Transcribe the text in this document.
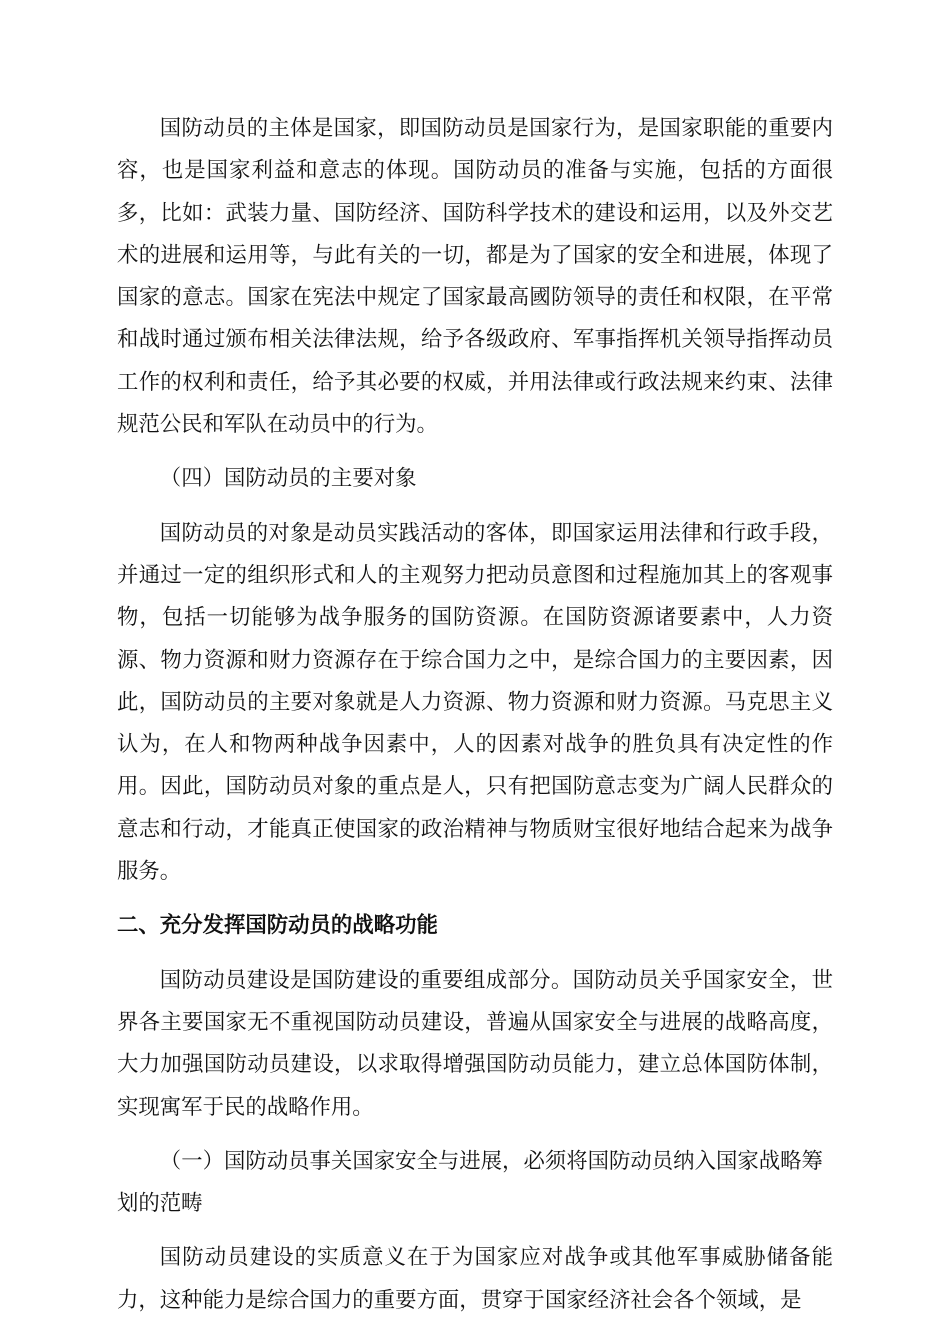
国防动员的主体是国家，即国防动员是国家行为，是国家职能的重要内容，也是国家利益和意志的体现。国防动员的准备与实施，包括的方面很多，比如：武装力量、国防经济、国防科学技术的建设和运用，以及外交艺术的进展和运用等，与此有关的一切，都是为了国家的安全和进展，体现了国家的意志。国家在宪法中规定了国家最高國防领导的责任和权限，在平常和战时通过颁布相关法律法规，给予各级政府、军事指挥机关领导指挥动员工作的权利和责任，给予其必要的权威，并用法律或行政法规来约束、法律规范公民和军队在动员中的行为。

（四）国防动员的主要对象

国防动员的对象是动员实践活动的客体，即国家运用法律和行政手段，并通过一定的组织形式和人的主观努力把动员意图和过程施加其上的客观事物，包括一切能够为战争服务的国防资源。在国防资源诸要素中，人力资源、物力资源和财力资源存在于综合国力之中，是综合国力的主要因素，因此，国防动员的主要对象就是人力资源、物力资源和财力资源。马克思主义认为，在人和物两种战争因素中，人的因素对战争的胜负具有决定性的作用。因此，国防动员对象的重点是人，只有把国防意志变为广阔人民群众的意志和行动，才能真正使国家的政治精神与物质财宝很好地结合起来为战争服务。

二、充分发挥国防动员的战略功能

国防动员建设是国防建设的重要组成部分。国防动员关乎国家安全，世界各主要国家无不重视国防动员建设，普遍从国家安全与进展的战略高度，大力加强国防动员建设，以求取得增强国防动员能力，建立总体国防体制，实现寓军于民的战略作用。

（一）国防动员事关国家安全与进展，必须将国防动员纳入国家战略筹划的范畴

国防动员建设的实质意义在于为国家应对战争或其他军事威胁储备能力，这种能力是综合国力的重要方面，贯穿于国家经济社会各个领域，是
